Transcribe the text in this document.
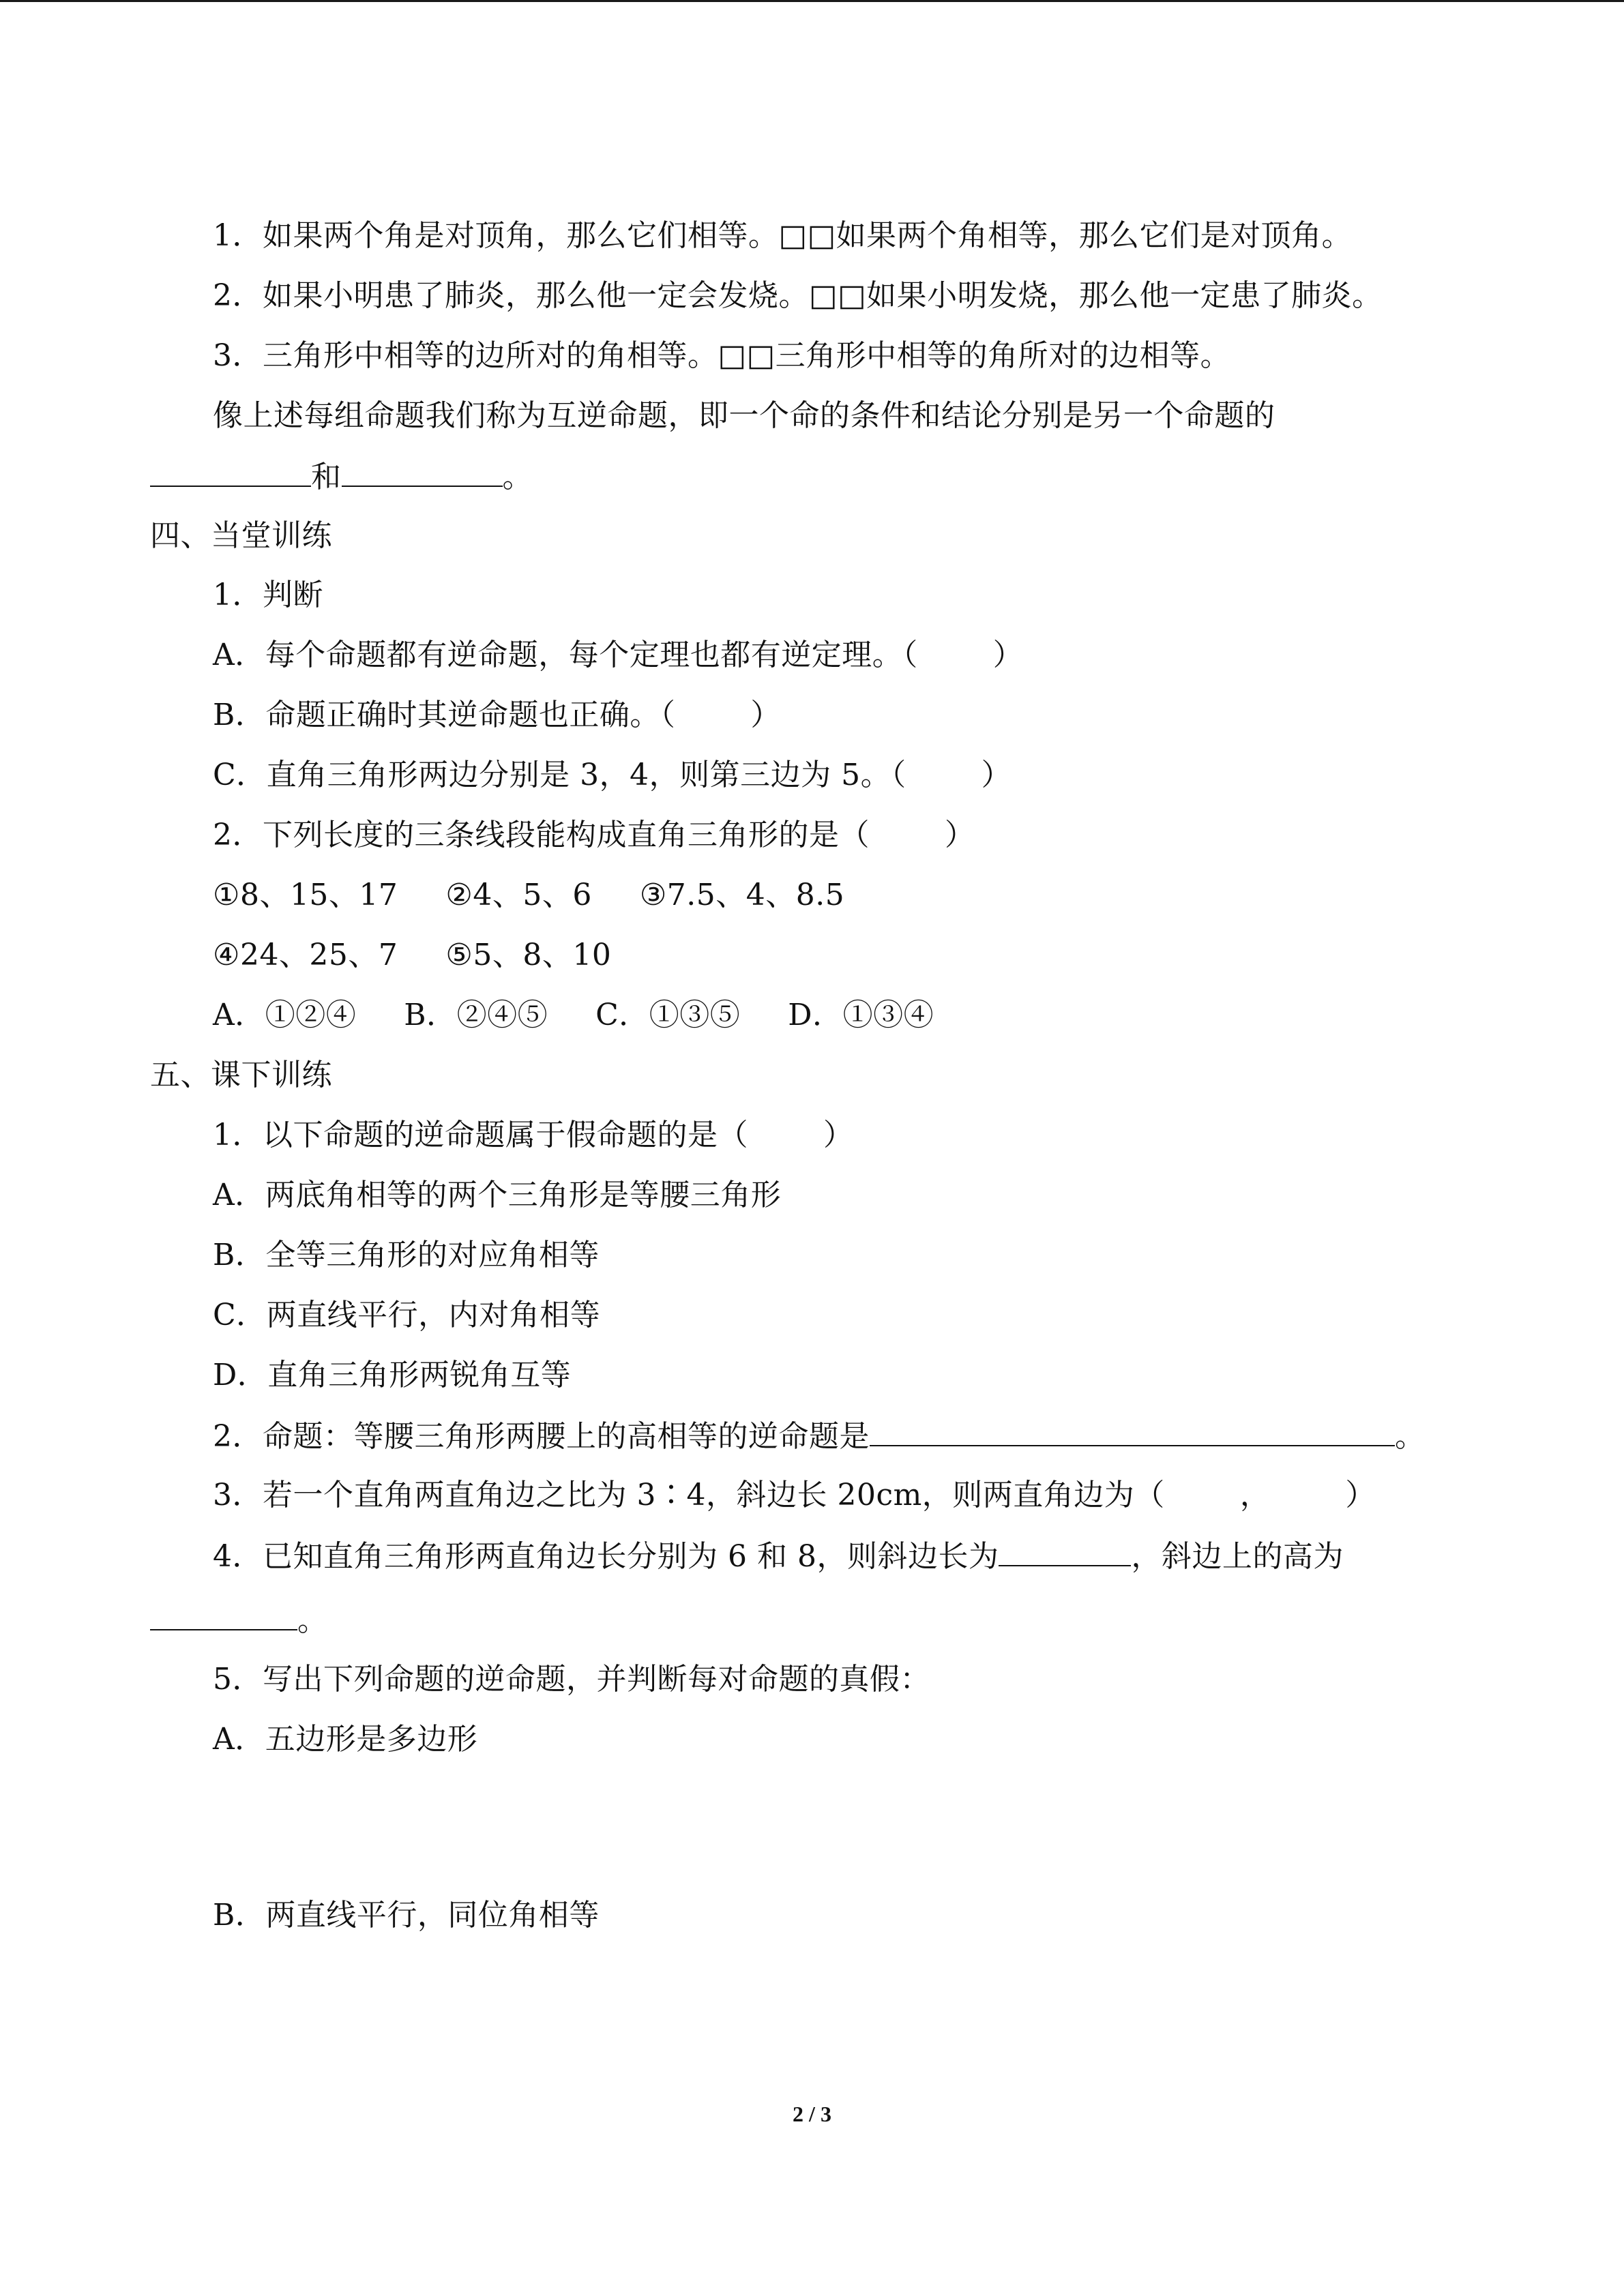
1．如果两个角是对顶角，那么它们相等。□□如果两个角相等，那么它们是对顶角。
2．如果小明患了肺炎，那么他一定会发烧。□□如果小明发烧，那么他一定患了肺炎。
3．三角形中相等的边所对的角相等。□□三角形中相等的角所对的边相等。
像上述每组命题我们称为互逆命题，即一个命的条件和结论分别是另一个命题的
和	。
四、当堂训练
1．判断
A．每个命题都有逆命题，每个定理也都有逆定理。（	）
B．命题正确时其逆命题也正确。（	）
C．直角三角形两边分别是 3，4，则第三边为 5。（	）
2．下列长度的三条线段能构成直角三角形的是（	）
①8、15、17 ②4、5、6 ③7.5、4、8.5
④24、25、7 ⑤5、8、10
A．①②④ B．②④⑤ C．①③⑤ D．①③④
五、课下训练
1．以下命题的逆命题属于假命题的是（	）
A．两底角相等的两个三角形是等腰三角形
B．全等三角形的对应角相等
C．两直线平行，内对角相等
D．直角三角形两锐角互等
2．命题：等腰三角形两腰上的高相等的逆命题是	。
3．若一个直角两直角边之比为 3∶4，斜边长 20cm，则两直角边为（	，	）
4．已知直角三角形两直角边长分别为 6 和 8，则斜边长为	，斜边上的高为
。
5．写出下列命题的逆命题，并判断每对命题的真假：
A．五边形是多边形
B．两直线平行，同位角相等
2 / 3
